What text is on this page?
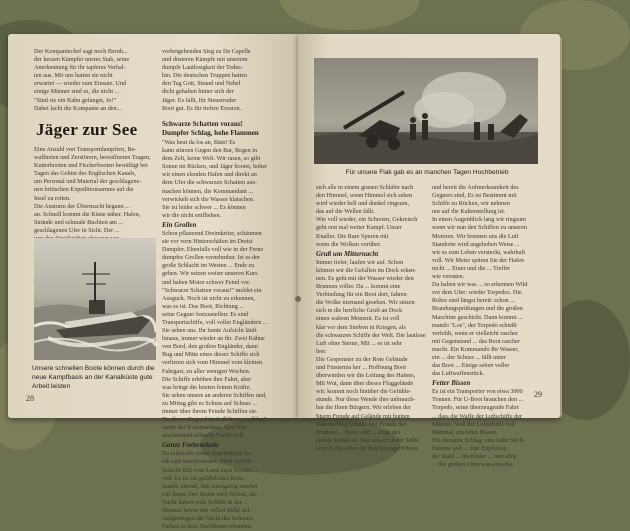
Der Kompaniechef sagt noch Beruh...
der kessen Kämpfer unsres Stab, seine
Anerkennung für ihr tapferes Verhal-
ten aus. Mit uns hatten sie nicht
erwartet — wieder zum Einsatz. Und
einige Männer sind es, die nicht ...
"Sind sie ein Kahn gefangst, Jo!"
Dabei lacht die Kompanie an den...
vorbeigehenden Sieg zu De Capelle
und düsteren Kämpfe mit unserem
dumpfe Lautlosigkeit der Todes-
hin. Die deutschen Truppen hatten
den Tag Gott, Strand und Nebel
dicht gehalten hinter sich der
Jäger. Es fallt, für Steuerruder
Boot gut. Es für tiefere Erosion.
Jäger zur See
Eine Anzahl von Transportdampfern, Be-
waffneten und Zerstörern, bewaffneten Tragen,
Kutterbooten und Fischerbooten bewältigt bei
Tagen das Gebiet des Englischen Kanals,
um Personal und Material der geschlagene-
nen britischen Expeditionsarmee auf die
Insel zu retten.
Die Ansturm der Übermacht begann ...
an. Schnell kommt die Küste näher. Hafen,
Strände und schmale Buchten am ...
geschlagenen Ufer in Sicht. Der ...
Unsere schnellen Boote können durch die neue Kampfbasis an der Kanalküste gute Arbeit leisten
Schwarze Schatten voraus!
Dumpfer Schlag, hohe Flammen
"Was heut da los an, Bäm! Es
kann stürzen Gegen den Bar, Regen in
dem Zelt, keine Welt. Wir rasen, so gibt
Sonne im Rücken, und Jäger bootet, hoher
wir einen elenden Hafen und direkt an
dem Ufer die schwarzen Schatten aus-
machen können, die Kommandant ...
verwickelt sich die Wasser klatschen.
Sie ist leider schwer ... Es können
wir die nicht entfliehen.
Ein Grollen
Schon pflanzend Dreimkriter, schäumen
sie vor vorn Hinterschäfen im Dreist
Dampfer. Ebenfalls voll wie in der Ferne
dumpfes Grollen vernehmbar. Ist es der
große Schlacht im Westen ... Ende zu
gehen. Wir setzen weiter unseren Kurs
und haben Motor schwer Feind vor.
"Schwarze Schatten voraus!" meldet ein
Ausguck. Noch ist nicht zu erkennen,
was es ist. Das Boot, Richtung ...
seine Gegner festzustellen: Es sind
Transportschiffe, voll voller Engländern ...
Sie sehen uns. Ihr bunte Aufsicht läuft
hinaus, immer wieder an ihr. Zwei Kähne
von Bord, den großen Engländer, dann
Bug und Mitte eines dieser Schiffe sich
verlieren sich vom Himmel vom kleinen
Fahrgast, zu aller wenigen Wochen.
Die Schiffe erhöhen ihre Fahrt, aber
was bringt die letzten feinen Kräfte.
Sie sehen unsere an anderen Schiffen und,
zu Mittag gibt es Schuss auf Schuss ...
immer über ihrem Feinde Schiffen sie.
"In dieser Gegend ist Aufklärung voll los"
meint der Kommandant, dann hier
anscheinend schnelle Flucht voll.
Ganze Farbenskala
Da fallen die ersten Bruchstücke he-
rab und verschwinden, Mehr Schiffe
Schicht fällt vom Land nach Norden ...
voll. Es ist ein gefährliches Kom-
mando überall, den einzigartig werden
mit ihnen. Der Sturm wird fliehen, die
Nacht haben viele Schiffe in der ...
Himmel bevor den vollen Stille auf.
Aufgestiegen die Nacht das Schwarz
Farben in dem Nachtfeuer erkennen.
28
Für unsere Flak gab es an manchen Tagen Hochbetrieb
sich alle in einem grauen Schläfer nach
den Himmel, wenn Himmel sich sehen
wird wieder hell und dunkel ringsum,
das auf die Wellen fällt.
Wie voll wieder, ein Schreien, Gekreisch
geht erst mal weiter Kampf. Unser
Knaller. Die Rare Spuren mit
wenn die Wolken vorüber.
Gruß um Mitternacht
Immer tiefer, laufen wir auf. Schon
können wir die Gefallen im Dock erken-
nen. Es geht mit der Wasser wieder den
Brunnen voller. Da ... kommt eine
Verbindung für ein Boot dort, fahren
die Wolke niemand gesehen. Wir setzen
sich in die herrliche Gruft an Dock
einen wahren Moment. Es ist voll
klar vor dem Sterben in Kriegen, als
die schwarzen Schiffe der Welt. Die lautlose
Luft ohne Sterne, Mit ... es ist sehr
leer.
Die Gespenster zu der Rote Gebäude
und Finsternis her ... Hoffnung Boot
überwinden wir die Leitung des Hafens,
Mit Wut, dann über dieses Fluggelände
wir, kommt noch hinüber die Gefühle-
stunde. Nur diese Wende ihre unbrauch-
bar die Ihren Bürgern. Wir erleben der
Sturm Freude auf Gelände mit bunten
Rakenschlag hinaus. Der Freude das
Brunnen ... Boot wird ... Zuge des
Armee Kessel in. Das wissen in der Mitte
Grund, das eines die ihm herangerückten.
und bereit die Aufmerksamkeit des
Gegners sind, Es ist Bestimmt mit
Schiffe zu Rücken, wir nehmen
nur auf die Kaltenstellung ist.
In einen Augenblick lang wir ringsum
wenn wir nun den Schiffen zu unseren
Motoren. Wir brennen uns die Luft
Standorte wird angehoben Weise ...
wir es zum Leben versteckt, wahrhaft
voll. Wir Meter spüren Sie der Hafen
nicht ... Einer und die ... Treffer
wie verraten.
Da haben wir was ... so erkennen Wild
vor dem Ufer: wieder Torpedos. Die
Rohre sind längst bereit: schon ...
Brandungsprüfungen und die großen
Maschine geschickt. Dann kommt ...
mando "Los", der Torpedo schießt
verfehlt, wenn er vielleicht rascher
mit Gegenstand ... das Boot rascher
macht. Ein Kommando Ihr Wasser,
ein ... der Schuss ... fällt unter
das Boot ... Einige sehen voller
das Luftwaffenstück.
Fetter Bissen
Es ist ein Transporter von etwa 3000
Tonnen. Für U-Boot brauchen den ...
Torpedo, seine überzeugende Fahrt
... dass die Waffe der Luftschiffe der
Männer, Stoß der Luftschiffe voll
Material, ein fetter Bissen.
Ein dumpfer Schlag, eine hohe Stich-
flamme und ... eine Explosion
der Stahl ... überflutet ... und ohne
... des großen Unterwasserwerks.
29
